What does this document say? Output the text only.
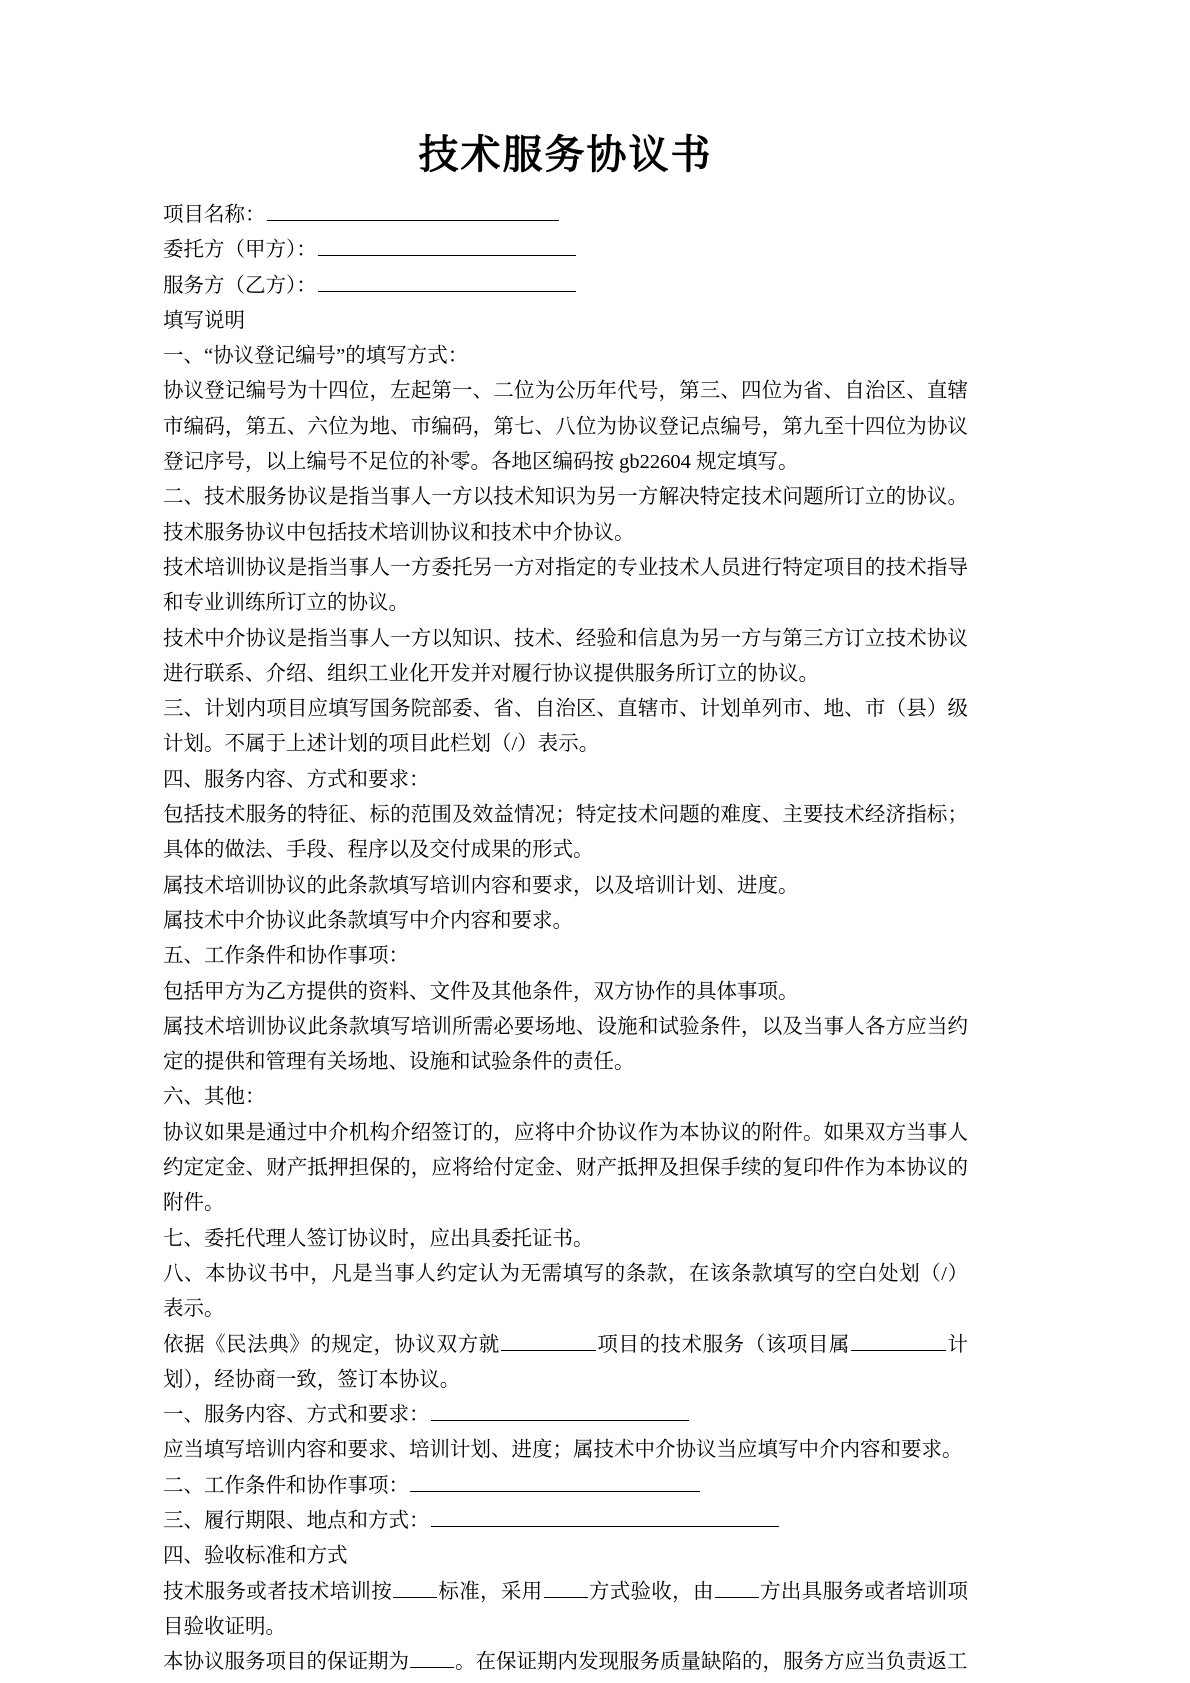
技术服务协议书
项目名称：
委托方（甲方）：
服务方（乙方）：

填写说明

一、“协议登记编号”的填写方式：

协议登记编号为十四位，左起第一、二位为公历年代号，第三、四位为省、自治区、直辖市编码，第五、六位为地、市编码，第七、八位为协议登记点编号，第九至十四位为协议登记序号，以上编号不足位的补零。各地区编码按 gb22604 规定填写。

二、技术服务协议是指当事人一方以技术知识为另一方解决特定技术问题所订立的协议。技术服务协议中包括技术培训协议和技术中介协议。

技术培训协议是指当事人一方委托另一方对指定的专业技术人员进行特定项目的技术指导和专业训练所订立的协议。

技术中介协议是指当事人一方以知识、技术、经验和信息为另一方与第三方订立技术协议进行联系、介绍、组织工业化开发并对履行协议提供服务所订立的协议。

三、计划内项目应填写国务院部委、省、自治区、直辖市、计划单列市、地、市（县）级计划。不属于上述计划的项目此栏划（/）表示。

四、服务内容、方式和要求：

包括技术服务的特征、标的范围及效益情况；特定技术问题的难度、主要技术经济指标；具体的做法、手段、程序以及交付成果的形式。

属技术培训协议的此条款填写培训内容和要求，以及培训计划、进度。

属技术中介协议此条款填写中介内容和要求。

五、工作条件和协作事项：

包括甲方为乙方提供的资料、文件及其他条件，双方协作的具体事项。

属技术培训协议此条款填写培训所需必要场地、设施和试验条件，以及当事人各方应当约定的提供和管理有关场地、设施和试验条件的责任。

六、其他：

协议如果是通过中介机构介绍签订的，应将中介协议作为本协议的附件。如果双方当事人约定定金、财产抵押担保的，应将给付定金、财产抵押及担保手续的复印件作为本协议的附件。

七、委托代理人签订协议时，应出具委托证书。

八、本协议书中，凡是当事人约定认为无需填写的条款，在该条款填写的空白处划（/）表示。

依据《民法典》的规定，协议双方就	项目的技术服务（该项目属	计划），经协商一致，签订本协议。

一、服务内容、方式和要求：

应当填写培训内容和要求、培训计划、进度；属技术中介协议当应填写中介内容和要求。

二、工作条件和协作事项：
三、履行期限、地点和方式：

四、验收标准和方式

技术服务或者技术培训按 标准，采用 方式验收，由 方出具服务或者培训项目验收证明。

本协议服务项目的保证期为 。在保证期内发现服务质量缺陷的，服务方应当负责返工
